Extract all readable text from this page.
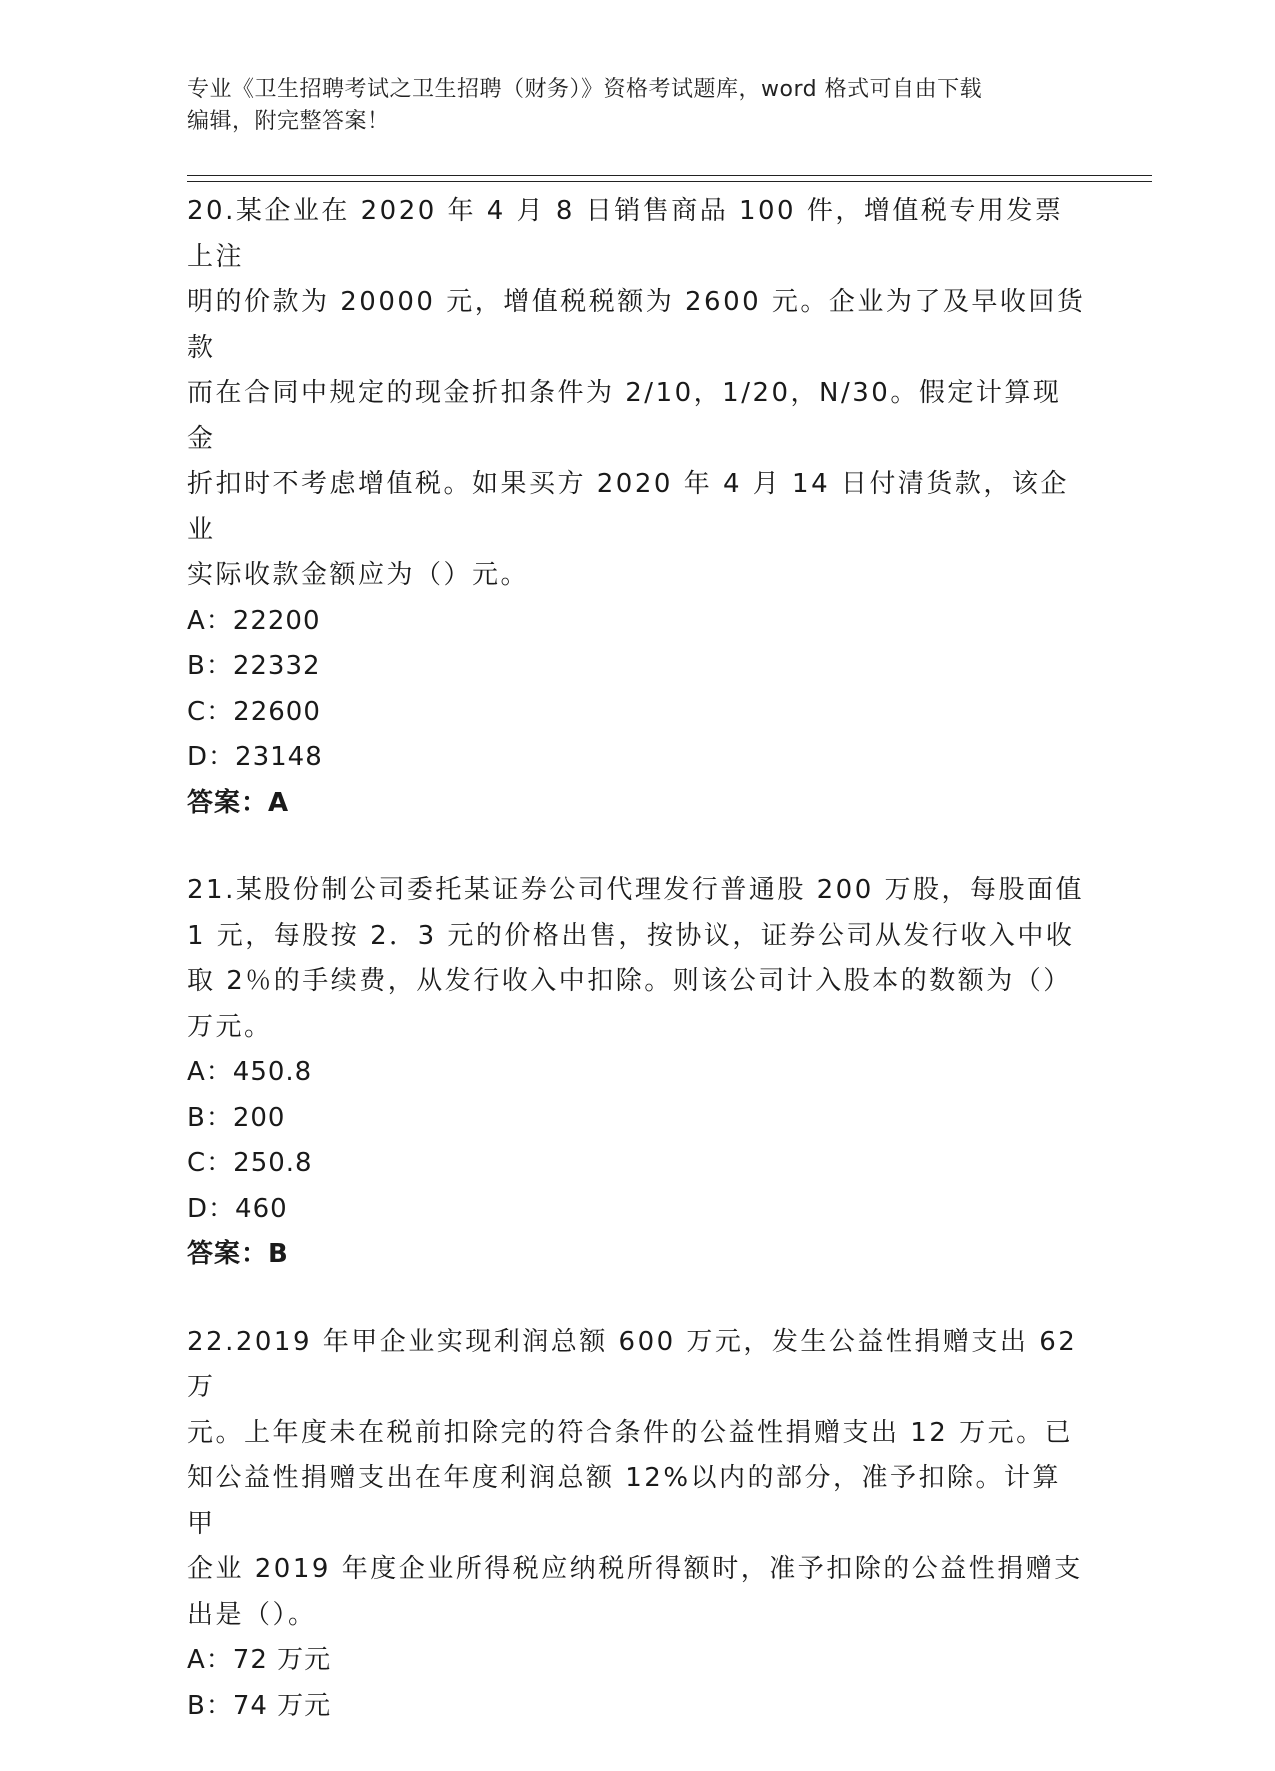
专业《卫生招聘考试之卫生招聘（财务）》资格考试题库，word 格式可自由下载
编辑，附完整答案！

20.某企业在 2020 年 4 月 8 日销售商品 100 件，增值税专用发票上注

明的价款为 20000 元，增值税税额为 2600 元。企业为了及早收回货款

而在合同中规定的现金折扣条件为 2/10，1/20，N/30。假定计算现金

折扣时不考虑增值税。如果买方 2020 年 4 月 14 日付清货款，该企业

实际收款金额应为（）元。

A：22200

B：22332

C：22600

D：23148

答案：A

21.某股份制公司委托某证券公司代理发行普通股 200 万股，每股面值

1 元，每股按 2．3 元的价格出售，按协议，证券公司从发行收入中收

取 2％的手续费，从发行收入中扣除。则该公司计入股本的数额为（）

万元。

A：450.8

B：200

C：250.8

D：460

答案：B

22.2019 年甲企业实现利润总额 600 万元，发生公益性捐赠支出 62 万

元。上年度未在税前扣除完的符合条件的公益性捐赠支出 12 万元。已

知公益性捐赠支出在年度利润总额 12%以内的部分，准予扣除。计算甲

企业 2019 年度企业所得税应纳税所得额时，准予扣除的公益性捐赠支

出是（）。

A：72 万元

B：74 万元
